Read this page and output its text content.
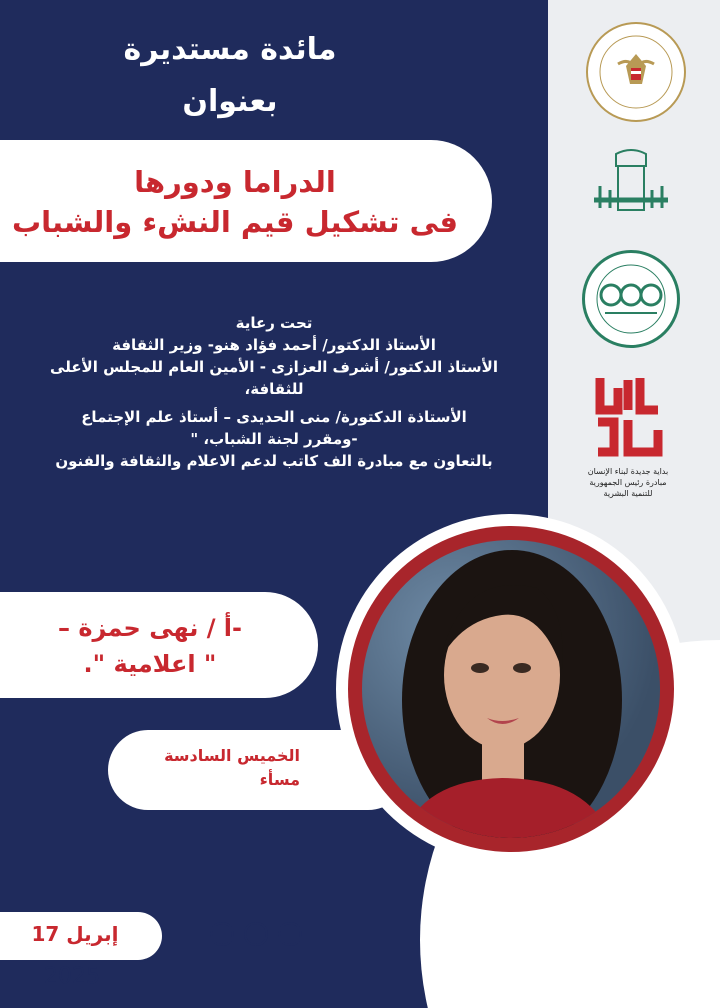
مائدة مستديرة
بعنوان
الدراما ودورها
فى تشكيل قيم النشء والشباب
تحت رعاية
الأستاذ الدكتور/ أحمد فؤاد هنو- وزير الثقافة
الأستاذ الدكتور/ أشرف العزازى - الأمين العام للمجلس الأعلى
للثقافة،
الأستاذة الدكتورة/ منى الحديدى – أستاذ علم الإجتماع
-ومقرر لجنة الشباب، "
بالتعاون مع مبادرة الف كاتب لدعم الاعلام والثقافة والفنون
-أ / نهى حمزة –
" اعلامية ".
الخميس السادسة
مسأء
إبريل 17
2025
بداية جديدة لبناء الإنسان
مبادرة رئيس الجمهورية للتنمية البشرية
